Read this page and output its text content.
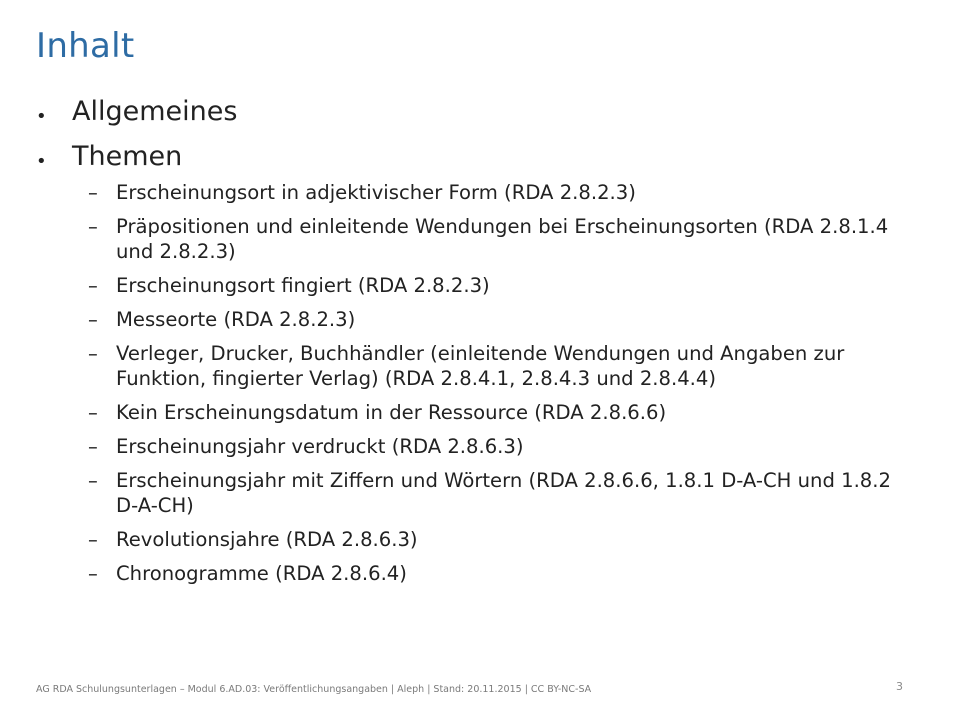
Inhalt
• Allgemeines
• Themen
– Erscheinungsort in adjektivischer Form (RDA 2.8.2.3)
– Präpositionen und einleitende Wendungen bei Erscheinungsorten (RDA 2.8.1.4 und 2.8.2.3)
– Erscheinungsort fingiert (RDA 2.8.2.3)
– Messeorte (RDA 2.8.2.3)
– Verleger, Drucker, Buchhändler (einleitende Wendungen und Angaben zur Funktion, fingierter Verlag) (RDA 2.8.4.1, 2.8.4.3 und 2.8.4.4)
– Kein Erscheinungsdatum in der Ressource (RDA 2.8.6.6)
– Erscheinungsjahr verdruckt (RDA 2.8.6.3)
– Erscheinungsjahr mit Ziffern und Wörtern (RDA 2.8.6.6, 1.8.1 D-A-CH und 1.8.2 D-A-CH)
– Revolutionsjahre (RDA 2.8.6.3)
– Chronogramme (RDA 2.8.6.4)
AG RDA Schulungsunterlagen – Modul 6.AD.03: Veröffentlichungsangaben | Aleph | Stand: 20.11.2015 | CC BY-NC-SA	3
